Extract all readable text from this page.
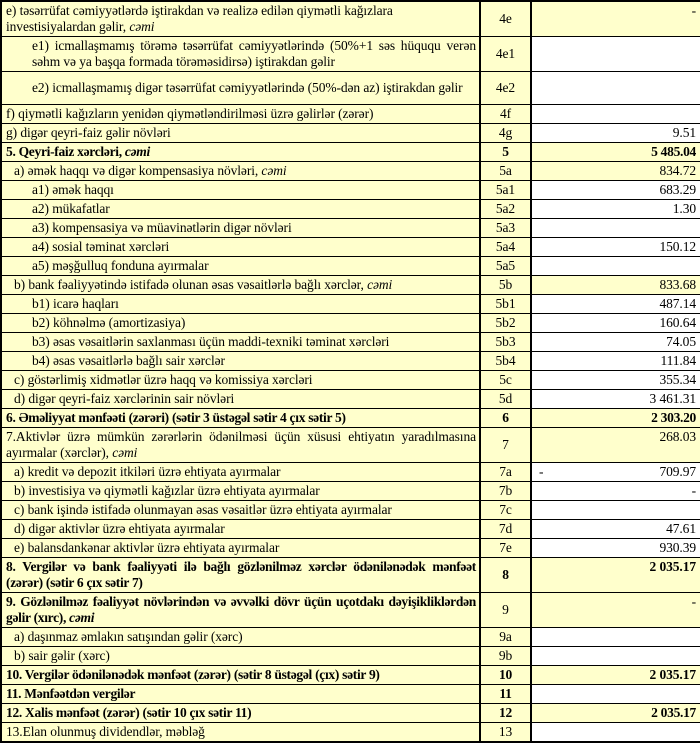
e) təsərrüfat cəmiyyətlərdə iştirakdan və realizə edilən qiymətli kağızlara investisiyalardan gəlir, cəmi	4e	-
e1) icmallaşmamış törəmə təsərrüfat cəmiyyətlərində (50%+1 səs hüququ verən səhm və ya başqa formada törəməsidirsə) iştirakdan gəlir	4e1	
e2) icmallaşmamış digər təsərrüfat cəmiyyətlərində (50%-dən az) iştirakdan gəlir	4e2	
f) qiymətli kağızların yenidən qiymətləndirilməsi üzrə gəlirlər (zərər)	4f	
g) digər qeyri-faiz gəlir növləri	4g	9.51
5. Qeyri-faiz xərcləri, cəmi	5	5 485.04
a) əmək haqqı və digər kompensasiya növləri, cəmi	5a	834.72
a1) əmək haqqı	5a1	683.29
a2) mükafatlar	5a2	1.30
a3) kompensasiya və müavinətlərin digər növləri	5a3	
a4) sosial təminat xərcləri	5a4	150.12
a5) məşğulluq fonduna ayırmalar	5a5	
b) bank fəaliyyətində istifadə olunan əsas vəsaitlərlə bağlı xərclər, cəmi	5b	833.68
b1) icarə haqları	5b1	487.14
b2) köhnəlmə (amortizasiya)	5b2	160.64
b3) əsas vəsaitlərin saxlanması üçün maddi-texniki təminat xərcləri	5b3	74.05
b4) əsas vəsaitlərlə bağlı sair xərclər	5b4	111.84
c) göstərlimiş xidmətlər üzrə haqq və komissiya xərcləri	5c	355.34
d) digər qeyri-faiz xərclərinin sair növləri	5d	3 461.31
6. Əməliyyat mənfəəti (zərəri) (sətir 3 üstəgəl sətir 4 çıx sətir 5)	6	2 303.20
7.Aktivlər üzrə mümkün zərərlərin ödənilməsi üçün xüsusi ehtiyatın yaradılmasına ayırmalar (xərclər), cəmi	7	268.03
a) kredit və depozit itkiləri üzrə ehtiyata ayırmalar	7a	- 709.97
b) investisiya və qiymətli kağızlar üzrə ehtiyata ayırmalar	7b	-
c) bank işində istifadə olunmayan əsas vəsaitlər üzrə ehtiyata ayırmalar	7c	
d) digər aktivlər üzrə ehtiyata ayırmalar	7d	47.61
e) balansdankənar aktivlər üzrə ehtiyata ayırmalar	7e	930.39
8. Vergilər və bank fəaliyyəti ilə bağlı gözlənilməz xərclər ödənilənədək mənfəət (zərər) (sətir 6 çıx sətir 7)	8	2 035.17
9. Gözlənilməz fəaliyyət növlərindən və əvvəlki dövr üçün uçotdakı dəyişikliklərdən gəlir (xırc), cəmi	9	-
a) daşınmaz əmlakın satışından gəlir (xərc)	9a	
b) sair gəlir (xərc)	9b	
10. Vergilər ödənilənədək mənfəət (zərər) (sətir 8 üstəgəl (çıx) sətir 9)	10	2 035.17
11. Mənfəətdən vergilər	11	
12. Xalis mənfəət (zərər) (sətir 10 çıx sətir 11)	12	2 035.17
13.Elan olunmuş dividendlər, məbləğ	13	
